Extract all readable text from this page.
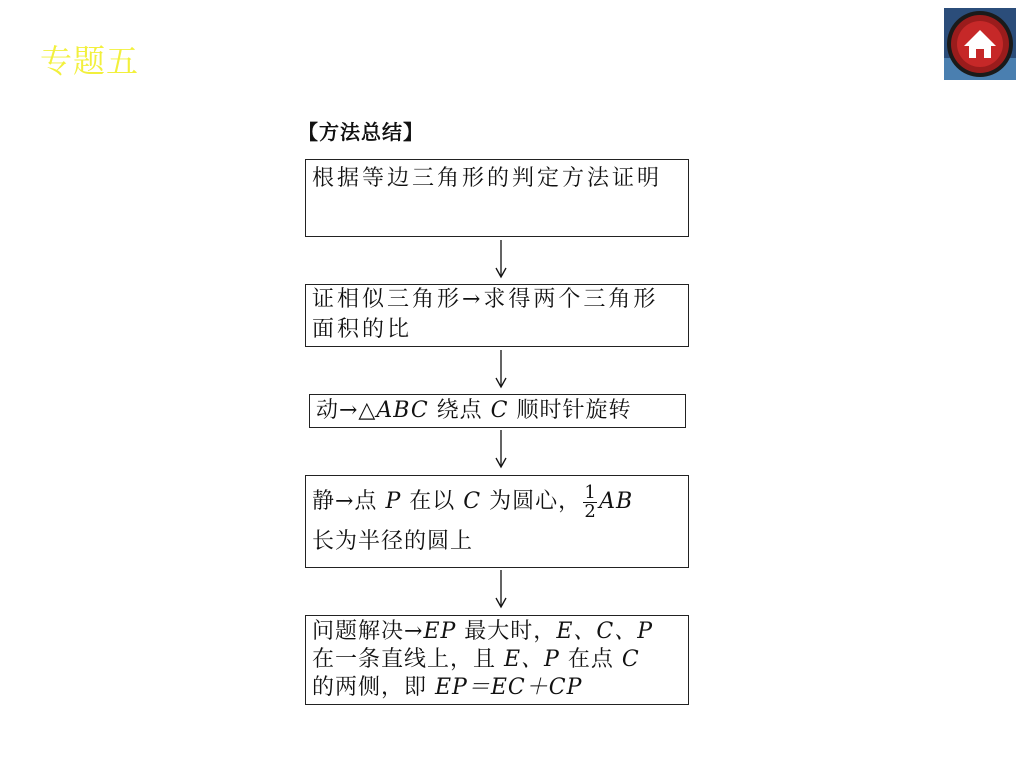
专题五
【方法总结】
根据等边三角形的判定方法证明
证相似三角形→求得两个三角形面积的比
动→△ABC 绕点 C 顺时针旋转
静→点 P 在以 C 为圆心， $\frac{1}{2}$ AB
长为半径的圆上
问题解决→EP 最大时，E、C、P
在一条直线上，且 E、P 在点 C
的两侧，即 EP＝EC＋CP
